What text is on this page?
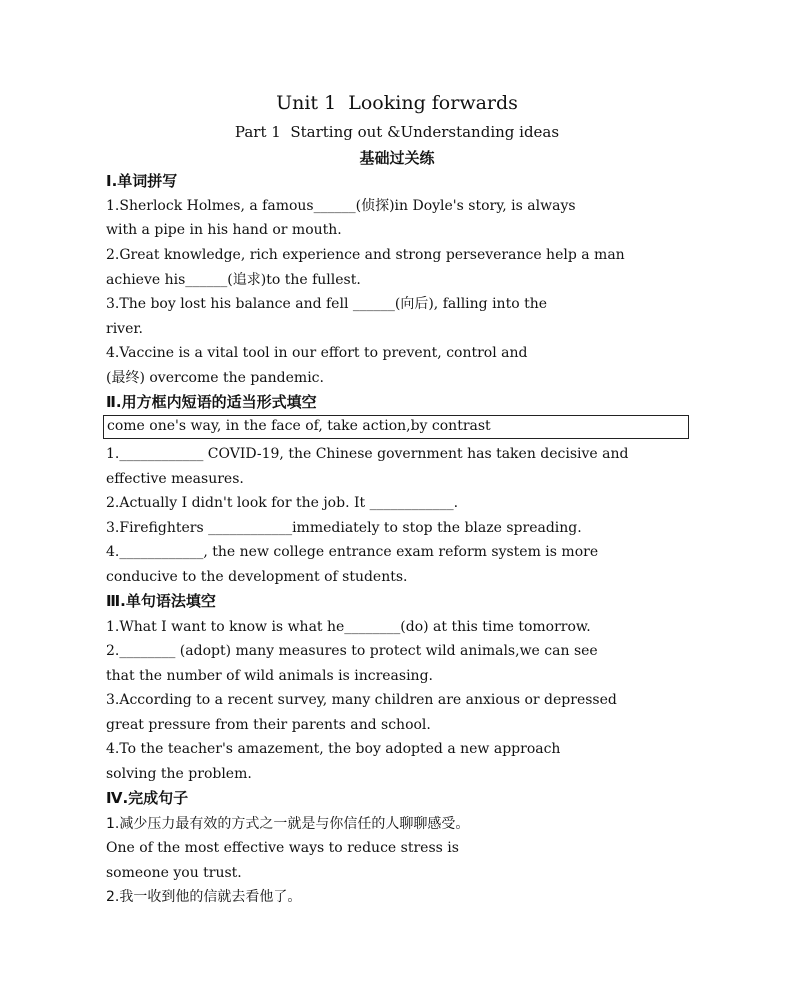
Unit 1  Looking forwards
Part 1  Starting out &Understanding ideas
基础过关练
Ⅰ.单词拼写
1.Sherlock Holmes, a famous______(侦探)in Doyle's story, is always
with a pipe in his hand or mouth.
2.Great knowledge, rich experience and strong perseverance help a man
achieve his______(追求)to the fullest.
3.The boy lost his balance and fell ______(向后), falling into the
river.
4.Vaccine is a vital tool in our effort to prevent, control and
(最终) overcome the pandemic.
Ⅱ.用方框内短语的适当形式填空
come one's way, in the face of, take action,by contrast
1.____________ COVID-19, the Chinese government has taken decisive and
effective measures.
2.Actually I didn't look for the job. It ____________.
3.Firefighters ____________immediately to stop the blaze spreading.
4.____________, the new college entrance exam reform system is more
conducive to the development of students.
Ⅲ.单句语法填空
1.What I want to know is what he________(do) at this time tomorrow.
2.________ (adopt) many measures to protect wild animals,we can see
that the number of wild animals is increasing.
3.According to a recent survey, many children are anxious or depressed
great pressure from their parents and school.
4.To the teacher's amazement, the boy adopted a new approach
solving the problem.
Ⅳ.完成句子
1.减少压力最有效的方式之一就是与你信任的人聊聊感受。
One of the most effective ways to reduce stress is
someone you trust.
2.我一收到他的信就去看他了。
